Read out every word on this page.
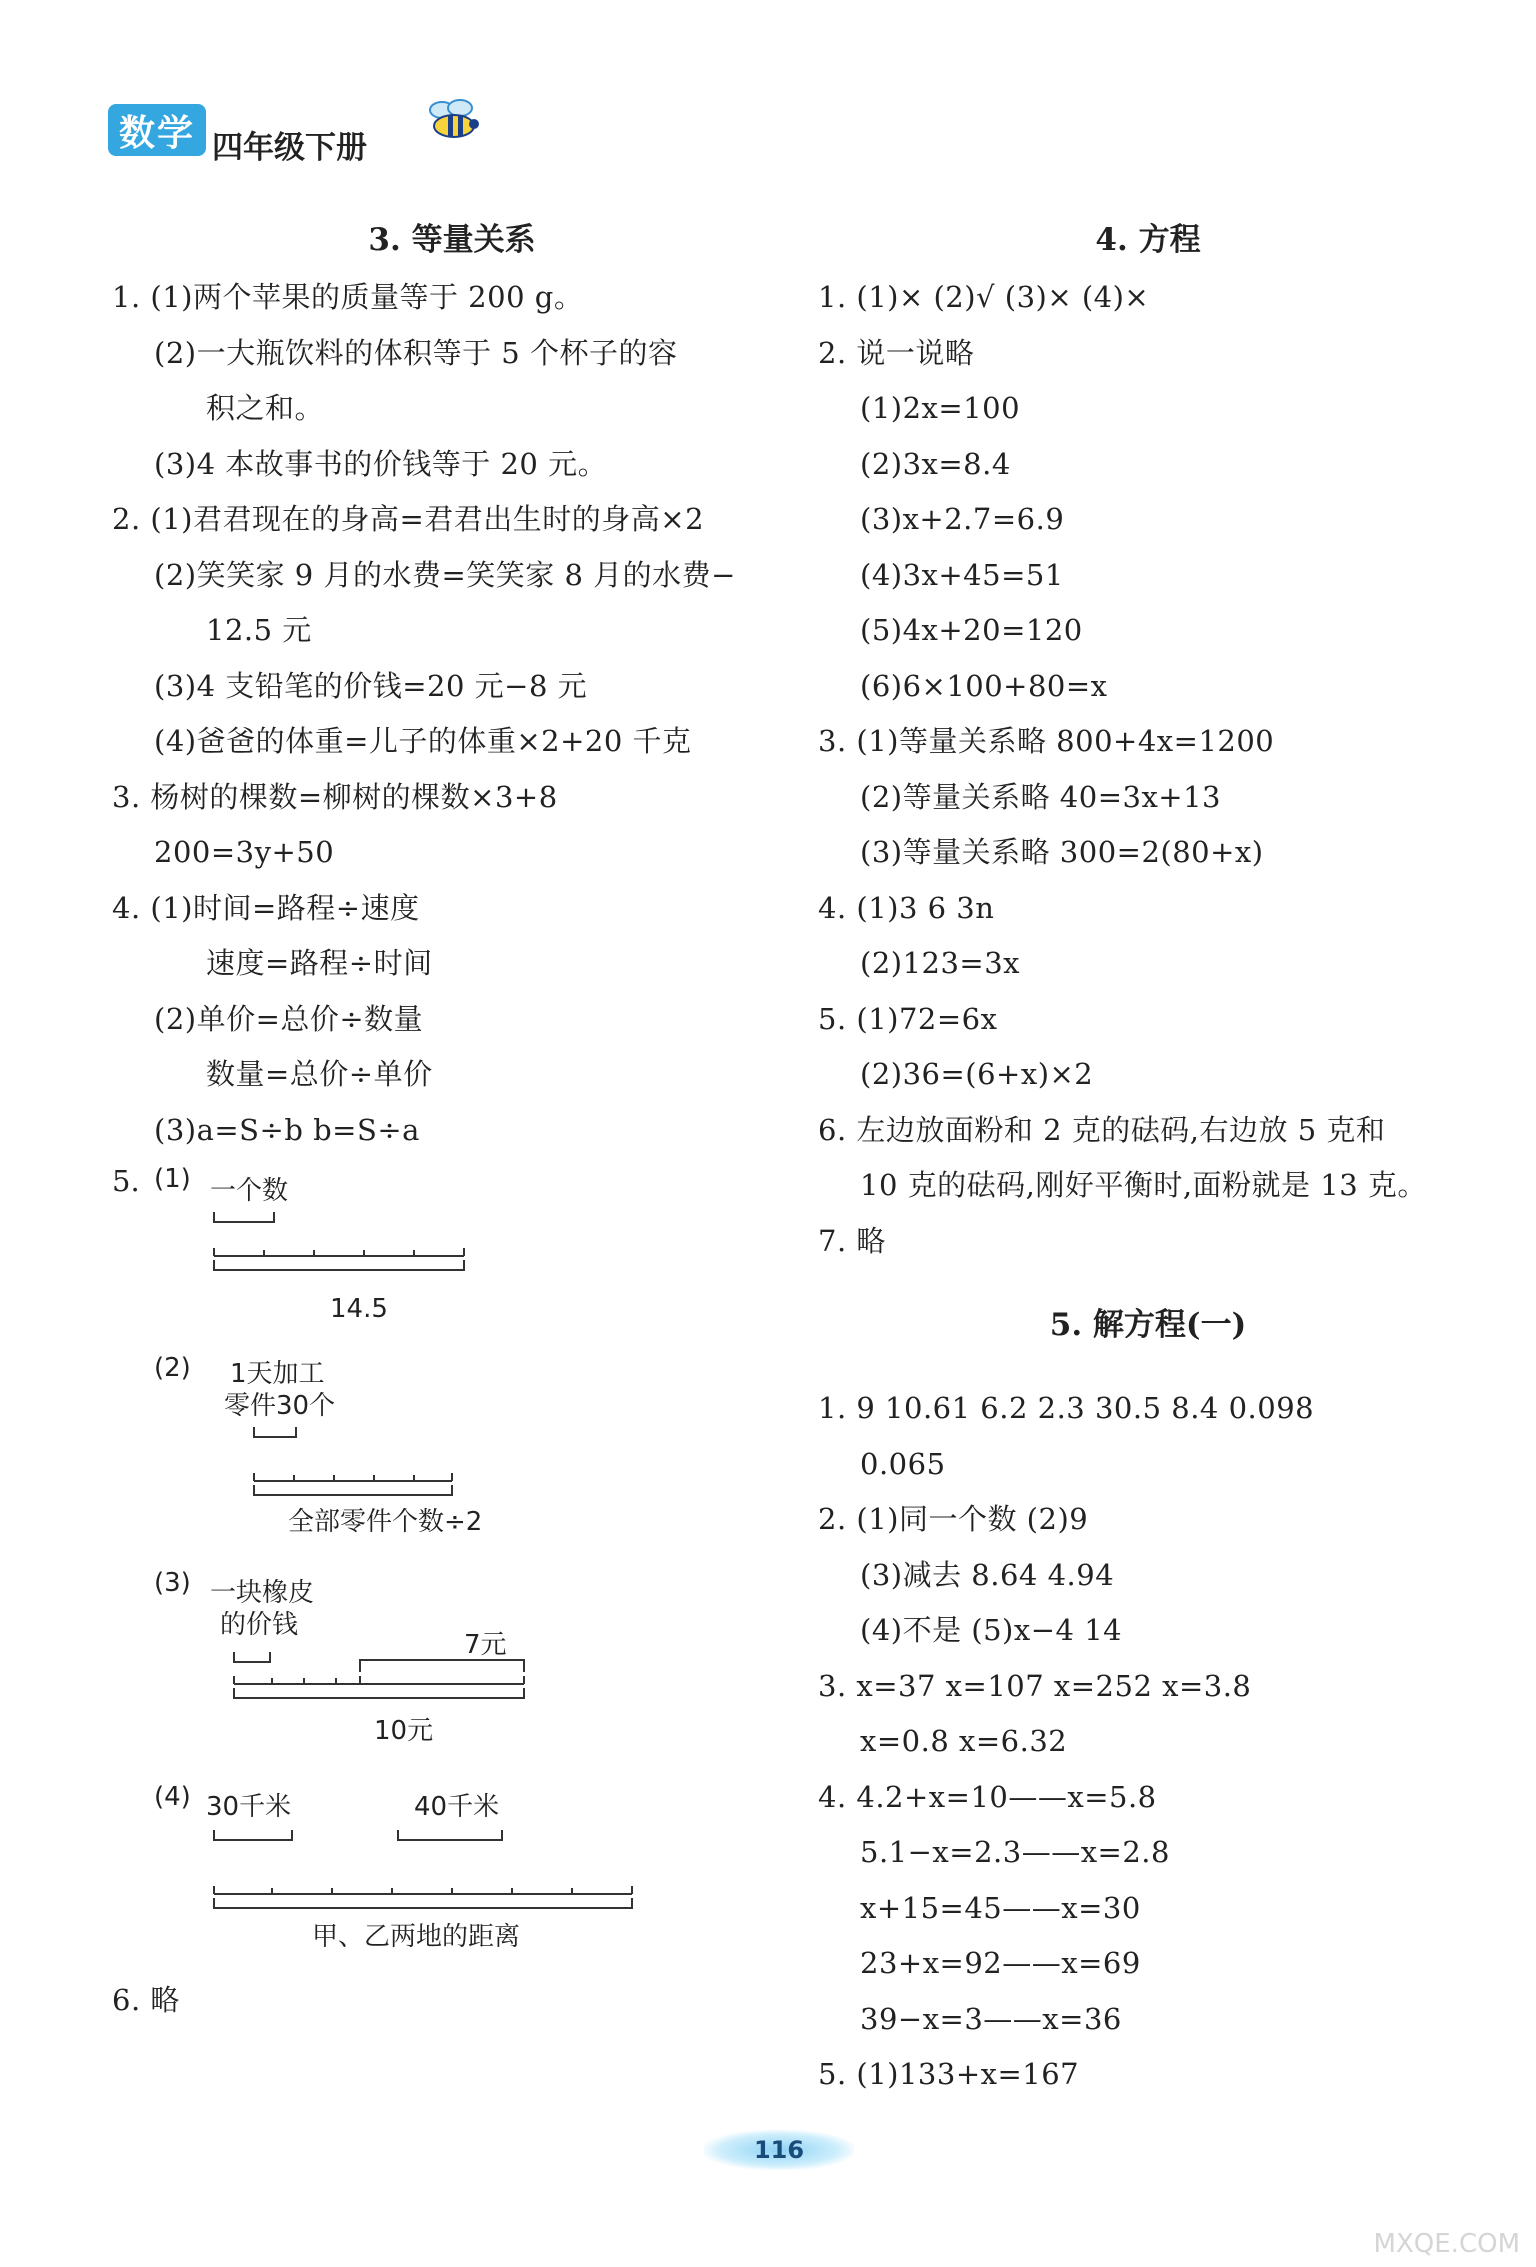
数学 四年级下册
3. 等量关系
1. (1)两个苹果的质量等于 200 g。
(2)一大瓶饮料的体积等于 5 个杯子的容
积之和。
(3)4 本故事书的价钱等于 20 元。
2. (1)君君现在的身高=君君出生时的身高×2
(2)笑笑家 9 月的水费=笑笑家 8 月的水费−
12.5 元
(3)4 支铅笔的价钱=20 元−8 元
(4)爸爸的体重=儿子的体重×2+20 千克
3. 杨树的棵数=柳树的棵数×3+8
200=3y+50
4. (1)时间=路程÷速度
速度=路程÷时间
(2)单价=总价÷数量
数量=总价÷单价
(3)a=S÷b b=S÷a
5. (1) 一个数
14.5
(2) 1天加工
零件30个
全部零件个数÷2
(3) 一块橡皮
的价钱
7元
10元
(4) 30千米	40千米
甲、乙两地的距离
6. 略
4. 方程
1. (1)× (2)√ (3)× (4)×
2. 说一说略
(1)2x=100
(2)3x=8.4
(3)x+2.7=6.9
(4)3x+45=51
(5)4x+20=120
(6)6×100+80=x
3. (1)等量关系略 800+4x=1200
(2)等量关系略 40=3x+13
(3)等量关系略 300=2(80+x)
4. (1)3 6 3n
(2)123=3x
5. (1)72=6x
(2)36=(6+x)×2
6. 左边放面粉和 2 克的砝码,右边放 5 克和
10 克的砝码,刚好平衡时,面粉就是 13 克。
7. 略
5. 解方程(一)
1. 9 10.61 6.2 2.3 30.5 8.4 0.098
0.065
2. (1)同一个数 (2)9
(3)减去 8.64 4.94
(4)不是 (5)x−4 14
3. x=37 x=107 x=252 x=3.8
x=0.8 x=6.32
4. 4.2+x=10——x=5.8
5.1−x=2.3——x=2.8
x+15=45——x=30
23+x=92——x=69
39−x=3——x=36
5. (1)133+x=167
116
MXQE.COM
